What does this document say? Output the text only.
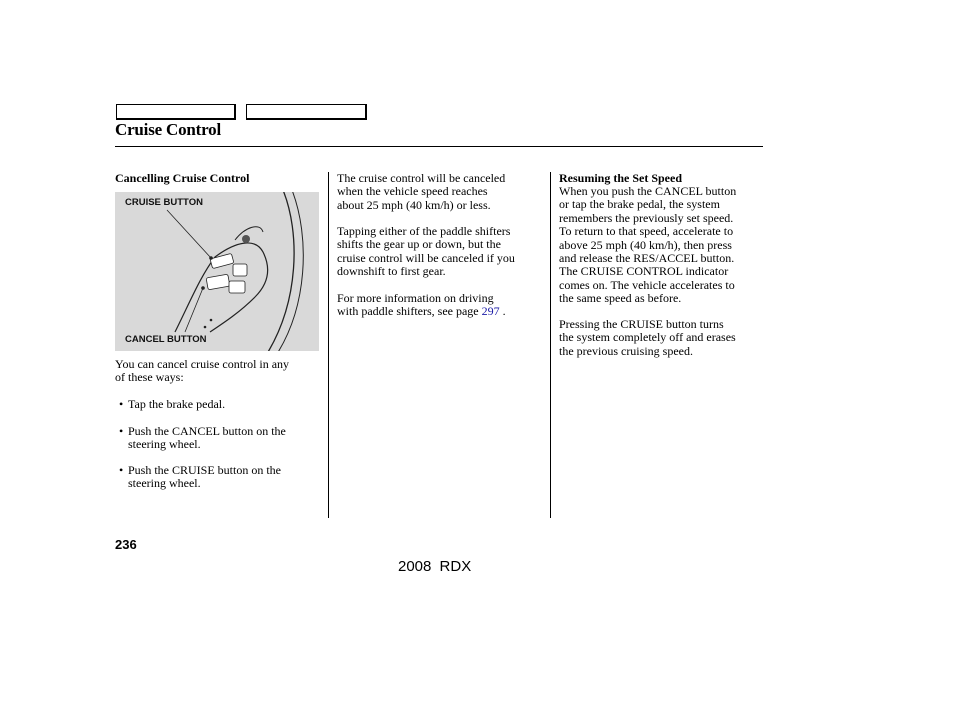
Cruise Control
Cancelling Cruise Control
CRUISE BUTTON
CANCEL BUTTON
You can cancel cruise control in any
of these ways:
• Tap the brake pedal.
• Push the CANCEL button on the
steering wheel.
• Push the CRUISE button on the
steering wheel.
The cruise control will be canceled
when the vehicle speed reaches
about 25 mph (40 km/h) or less.
Tapping either of the paddle shifters
shifts the gear up or down, but the
cruise control will be canceled if you
downshift to first gear.
For more information on driving
with paddle shifters, see page 297 .
Resuming the Set Speed
When you push the CANCEL button
or tap the brake pedal, the system
remembers the previously set speed.
To return to that speed, accelerate to
above 25 mph (40 km/h), then press
and release the RES/ACCEL button.
The CRUISE CONTROL indicator
comes on. The vehicle accelerates to
the same speed as before.
Pressing the CRUISE button turns
the system completely off and erases
the previous cruising speed.
236
2008 RDX
